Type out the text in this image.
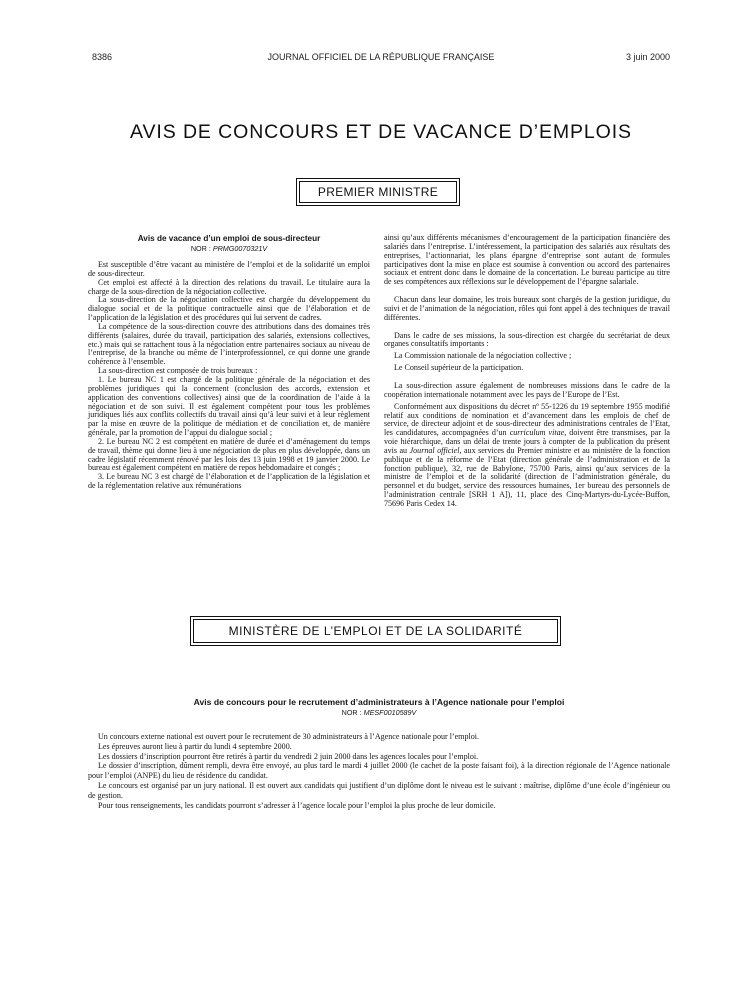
8386	JOURNAL OFFICIEL DE LA RÉPUBLIQUE FRANÇAISE	3 juin 2000
AVIS DE CONCOURS ET DE VACANCE D’EMPLOIS
PREMIER MINISTRE
Avis de vacance d’un emploi de sous-directeur
NOR : PRMG0070321V

Est susceptible d’être vacant au ministère de l’emploi et de la solidarité un emploi de sous-directeur.

Cet emploi est affecté à la direction des relations du travail. Le titulaire aura la charge de la sous-direction de la négociation collective.

La sous-direction de la négociation collective est chargée du développement du dialogue social et de la politique contractuelle ainsi que de l’élaboration et de l’application de la législation et des procédures qui lui servent de cadres.

La compétence de la sous-direction couvre des attributions dans des domaines très différents (salaires, durée du travail, participation des salariés, extensions collectives, etc.) mais qui se rattachent tous à la négociation entre partenaires sociaux au niveau de l’entreprise, de la branche ou même de l’interprofessionnel, ce qui donne une grande cohérence à l’ensemble.

La sous-direction est composée de trois bureaux :

1. Le bureau NC 1 est chargé de la politique générale de la négociation et des problèmes juridiques qui la concernent (conclusion des accords, extension et application des conventions collectives) ainsi que de la coordination de l’aide à la négociation et de son suivi. Il est également compétent pour tous les problèmes juridiques liés aux conflits collectifs du travail ainsi qu’à leur suivi et à leur règlement par la mise en œuvre de la politique de médiation et de conciliation et, de manière générale, par la promotion de l’appui du dialogue social ;

2. Le bureau NC 2 est compétent en matière de durée et d’aménagement du temps de travail, thème qui donne lieu à une négociation de plus en plus développée, dans un cadre législatif récemment rénové par les lois des 13 juin 1998 et 19 janvier 2000. Le bureau est également compétent en matière de repos hebdomadaire et congés ;

3. Le bureau NC 3 est chargé de l’élaboration et de l’application de la législation et de la réglementation relative aux rémunérations

ainsi qu’aux différents mécanismes d’encouragement de la participation financière des salariés dans l’entreprise. L’intéressement, la participation des salariés aux résultats des entreprises, l’actionnariat, les plans épargne d’entreprise sont autant de formules participatives dont la mise en place est soumise à convention ou accord des partenaires sociaux et entrent donc dans le domaine de la concertation. Le bureau participe au titre de ses compétences aux réflexions sur le développement de l’épargne salariale.

Chacun dans leur domaine, les trois bureaux sont chargés de la gestion juridique, du suivi et de l’animation de la négociation, rôles qui font appel à des techniques de travail différentes.

Dans le cadre de ses missions, la sous-direction est chargée du secrétariat de deux organes consultatifs importants :

La Commission nationale de la négociation collective ;

Le Conseil supérieur de la participation.

La sous-direction assure également de nombreuses missions dans le cadre de la coopération internationale notamment avec les pays de l’Europe de l’Est.

Conformément aux dispositions du décret nº 55-1226 du 19 septembre 1955 modifié relatif aux conditions de nomination et d’avancement dans les emplois de chef de service, de directeur adjoint et de sous-directeur des administrations centrales de l’Etat, les candidatures, accompagnées d’un curriculum vitae, doivent être transmises, par la voie hiérarchique, dans un délai de trente jours à compter de la publication du présent avis au Journal officiel, aux services du Premier ministre et au ministère de la fonction publique et de la réforme de l’Etat (direction générale de l’administration et de la fonction publique), 32, rue de Babylone, 75700 Paris, ainsi qu’aux services de la ministre de l’emploi et de la solidarité (direction de l’administration générale, du personnel et du budget, service des ressources humaines, 1er bureau des personnels de l’administration centrale [SRH 1 A]), 11, place des Cinq-Martyrs-du-Lycée-Buffon, 75696 Paris Cedex 14.

MINISTÈRE DE L’EMPLOI ET DE LA SOLIDARITÉ
Avis de concours pour le recrutement d’administrateurs à l’Agence nationale pour l’emploi
NOR : MESF0010589V

Un concours externe national est ouvert pour le recrutement de 30 administrateurs à l’Agence nationale pour l’emploi.

Les épreuves auront lieu à partir du lundi 4 septembre 2000.

Les dossiers d’inscription pourront être retirés à partir du vendredi 2 juin 2000 dans les agences locales pour l’emploi.

Le dossier d’inscription, dûment rempli, devra être envoyé, au plus tard le mardi 4 juillet 2000 (le cachet de la poste faisant foi), à la direction régionale de l’Agence nationale pour l’emploi (ANPE) du lieu de résidence du candidat.

Le concours est organisé par un jury national. Il est ouvert aux candidats qui justifient d’un diplôme dont le niveau est le suivant : maîtrise, diplôme d’une école d’ingénieur ou de gestion.

Pour tous renseignements, les candidats pourront s’adresser à l’agence locale pour l’emploi la plus proche de leur domicile.
